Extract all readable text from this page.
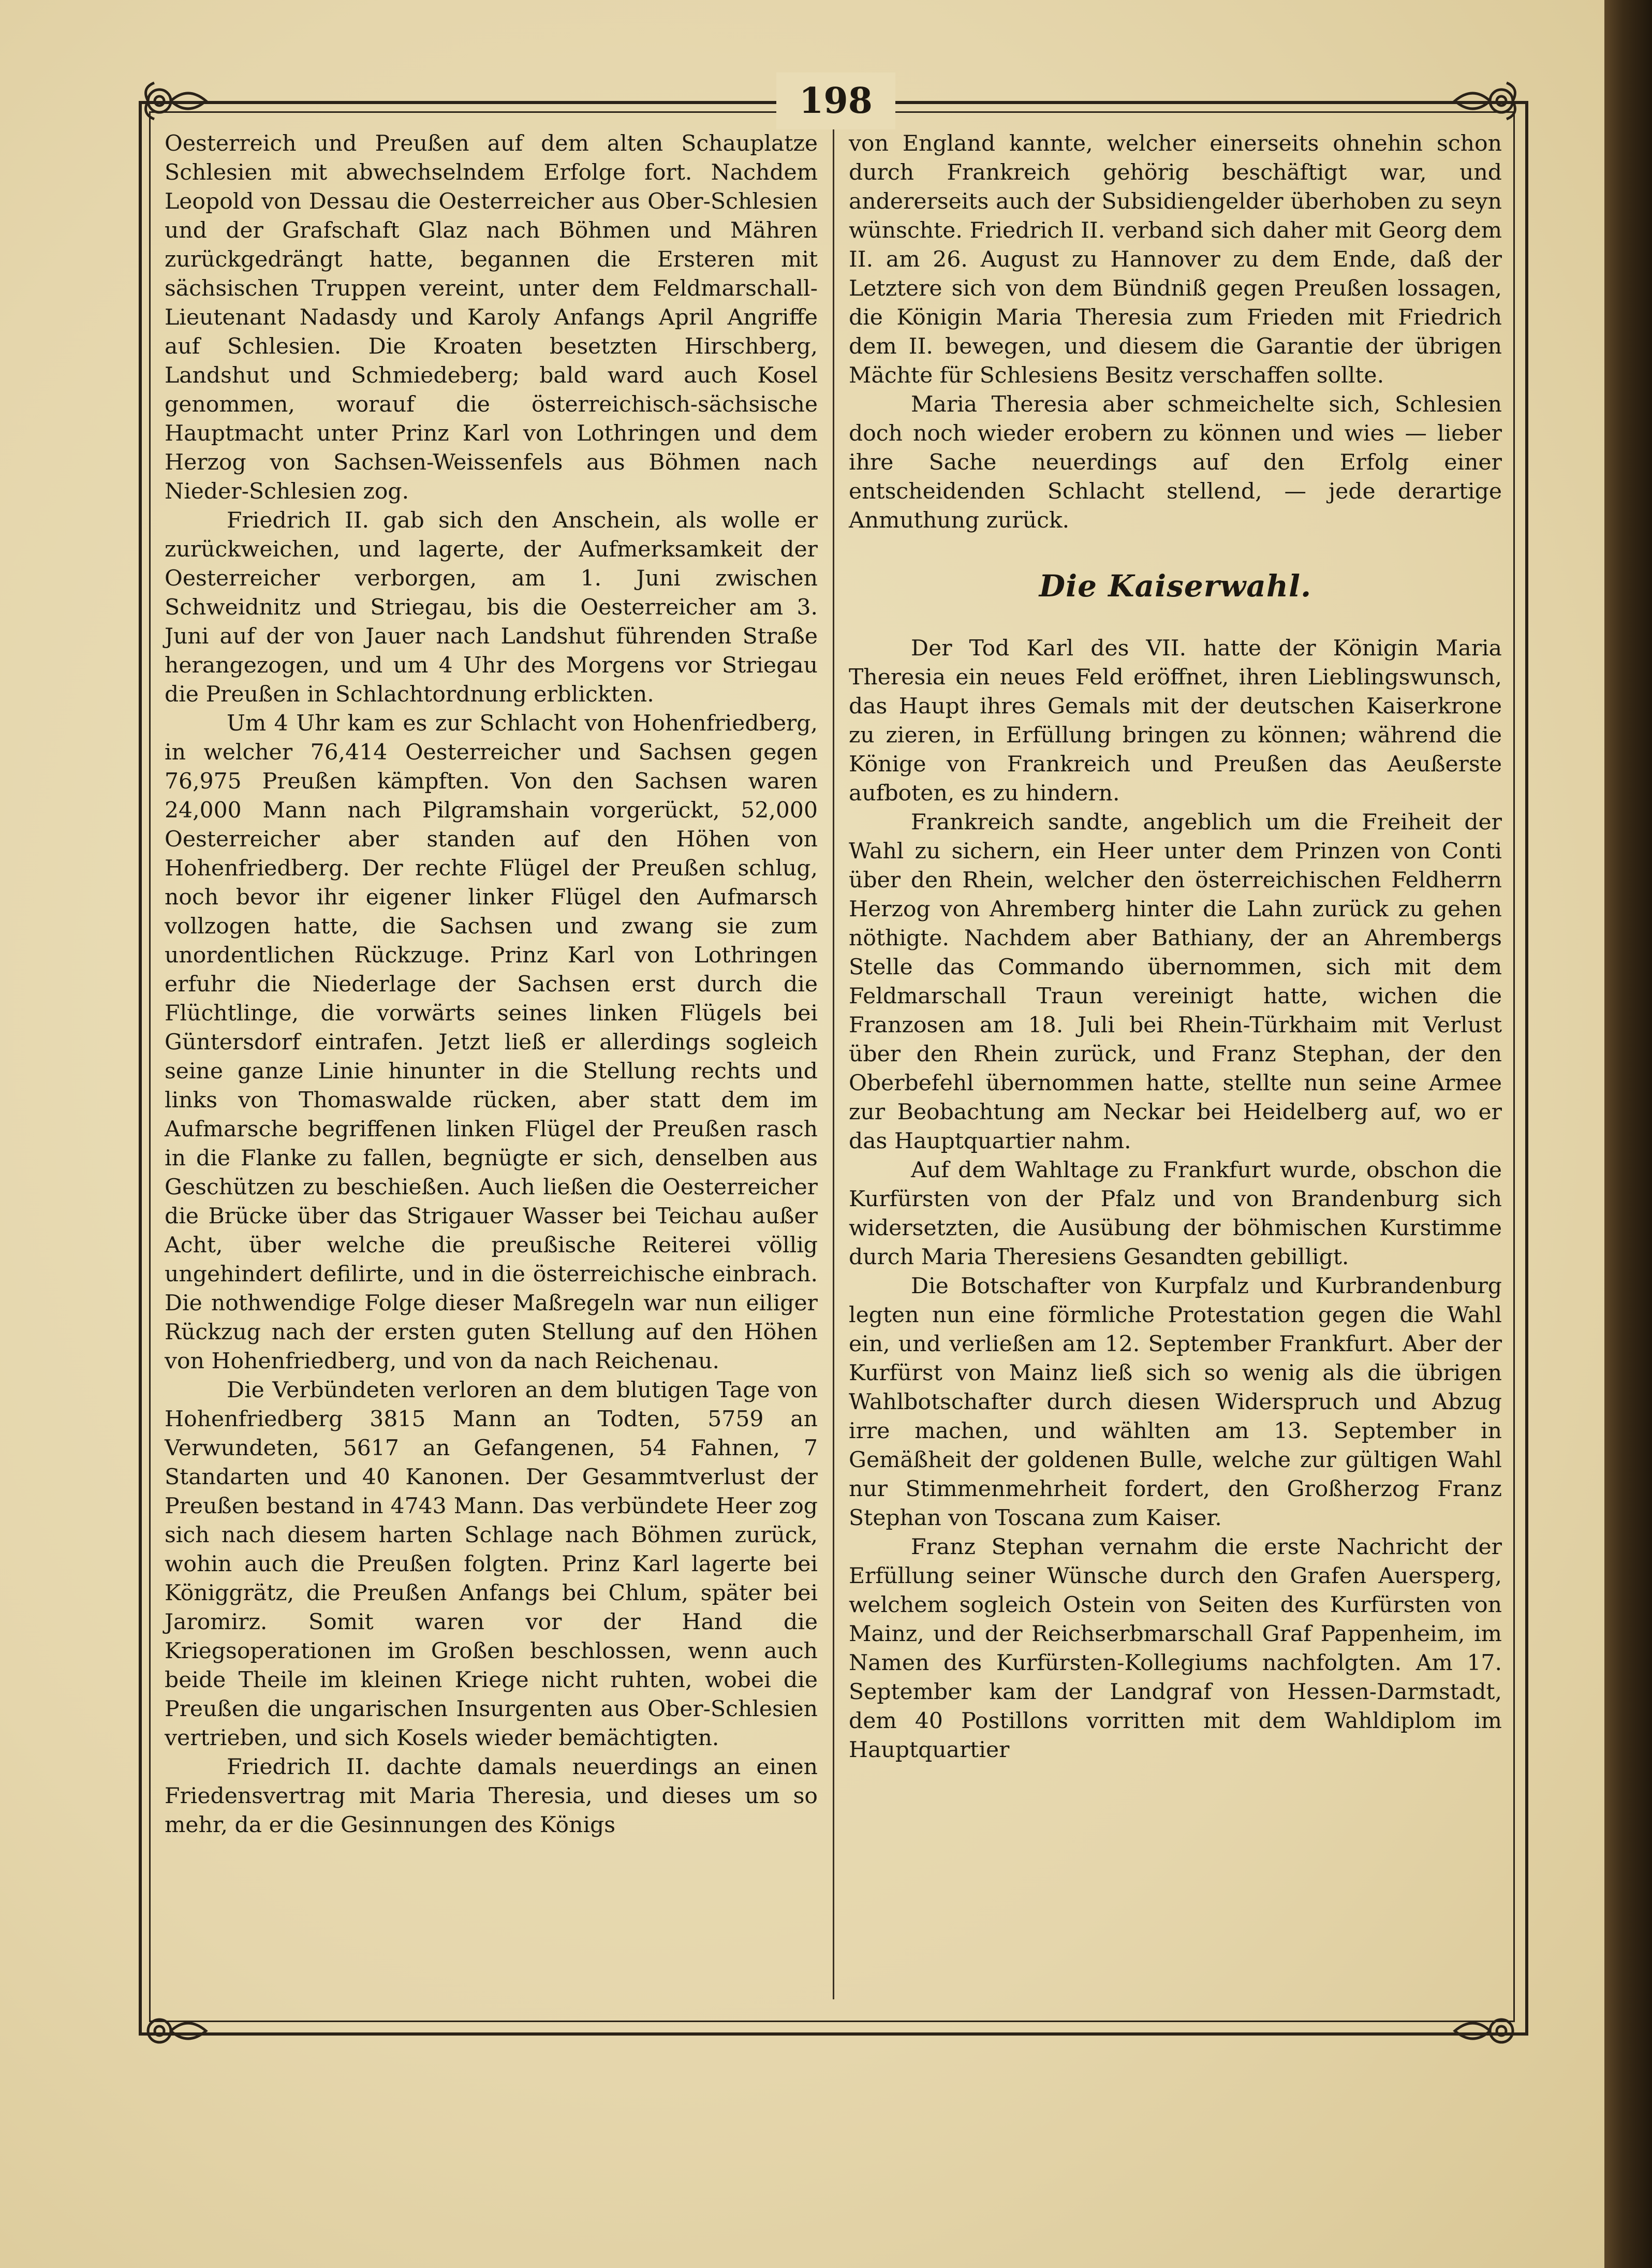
198

Oesterreich und Preußen auf dem alten Schauplatze Schlesien mit abwechselndem Erfolge fort. Nachdem Leopold von Dessau die Oesterreicher aus Ober-Schlesien und der Grafschaft Glaz nach Böhmen und Mähren zurückgedrängt hatte, begannen die Ersteren mit sächsischen Truppen vereint, unter dem Feldmarschall-Lieutenant Nadasdy und Karoly Anfangs April Angriffe auf Schlesien. Die Kroaten besetzten Hirschberg, Landshut und Schmiedeberg; bald ward auch Kosel genommen, worauf die österreichisch-sächsische Hauptmacht unter Prinz Karl von Lothringen und dem Herzog von Sachsen-Weissenfels aus Böhmen nach Nieder-Schlesien zog.

Friedrich II. gab sich den Anschein, als wolle er zurückweichen, und lagerte, der Aufmerksamkeit der Oesterreicher verborgen, am 1. Juni zwischen Schweidnitz und Striegau, bis die Oesterreicher am 3. Juni auf der von Jauer nach Landshut führenden Straße herangezogen, und um 4 Uhr des Morgens vor Striegau die Preußen in Schlachtordnung erblickten.

Um 4 Uhr kam es zur Schlacht von Hohenfriedberg, in welcher 76,414 Oesterreicher und Sachsen gegen 76,975 Preußen kämpften. Von den Sachsen waren 24,000 Mann nach Pilgramshain vorgerückt, 52,000 Oesterreicher aber standen auf den Höhen von Hohenfriedberg. Der rechte Flügel der Preußen schlug, noch bevor ihr eigener linker Flügel den Aufmarsch vollzogen hatte, die Sachsen und zwang sie zum unordentlichen Rückzuge. Prinz Karl von Lothringen erfuhr die Niederlage der Sachsen erst durch die Flüchtlinge, die vorwärts seines linken Flügels bei Güntersdorf eintrafen. Jetzt ließ er allerdings sogleich seine ganze Linie hinunter in die Stellung rechts und links von Thomaswalde rücken, aber statt dem im Aufmarsche begriffenen linken Flügel der Preußen rasch in die Flanke zu fallen, begnügte er sich, denselben aus Geschützen zu beschießen. Auch ließen die Oesterreicher die Brücke über das Strigauer Wasser bei Teichau außer Acht, über welche die preußische Reiterei völlig ungehindert defilirte, und in die österreichische einbrach. Die nothwendige Folge dieser Maßregeln war nun eiliger Rückzug nach der ersten guten Stellung auf den Höhen von Hohenfriedberg, und von da nach Reichenau.

Die Verbündeten verloren an dem blutigen Tage von Hohenfriedberg 3815 Mann an Todten, 5759 an Verwundeten, 5617 an Gefangenen, 54 Fahnen, 7 Standarten und 40 Kanonen. Der Gesammtverlust der Preußen bestand in 4743 Mann. Das verbündete Heer zog sich nach diesem harten Schlage nach Böhmen zurück, wohin auch die Preußen folgten. Prinz Karl lagerte bei Königgrätz, die Preußen Anfangs bei Chlum, später bei Jaromirz. Somit waren vor der Hand die Kriegsoperationen im Großen beschlossen, wenn auch beide Theile im kleinen Kriege nicht ruhten, wobei die Preußen die ungarischen Insurgenten aus Ober-Schlesien vertrieben, und sich Kosels wieder bemächtigten.

Friedrich II. dachte damals neuerdings an einen Friedensvertrag mit Maria Theresia, und dieses um so mehr, da er die Gesinnungen des Königs

von England kannte, welcher einerseits ohnehin schon durch Frankreich gehörig beschäftigt war, und andererseits auch der Subsidiengelder überhoben zu seyn wünschte. Friedrich II. verband sich daher mit Georg dem II. am 26. August zu Hannover zu dem Ende, daß der Letztere sich von dem Bündniß gegen Preußen lossagen, die Königin Maria Theresia zum Frieden mit Friedrich dem II. bewegen, und diesem die Garantie der übrigen Mächte für Schlesiens Besitz verschaffen sollte.

Maria Theresia aber schmeichelte sich, Schlesien doch noch wieder erobern zu können und wies — lieber ihre Sache neuerdings auf den Erfolg einer entscheidenden Schlacht stellend, — jede derartige Anmuthung zurück.

Die Kaiserwahl.

Der Tod Karl des VII. hatte der Königin Maria Theresia ein neues Feld eröffnet, ihren Lieblingswunsch, das Haupt ihres Gemals mit der deutschen Kaiserkrone zu zieren, in Erfüllung bringen zu können; während die Könige von Frankreich und Preußen das Aeußerste aufboten, es zu hindern.

Frankreich sandte, angeblich um die Freiheit der Wahl zu sichern, ein Heer unter dem Prinzen von Conti über den Rhein, welcher den österreichischen Feldherrn Herzog von Ahremberg hinter die Lahn zurück zu gehen nöthigte. Nachdem aber Bathiany, der an Ahrembergs Stelle das Commando übernommen, sich mit dem Feldmarschall Traun vereinigt hatte, wichen die Franzosen am 18. Juli bei Rhein-Türkhaim mit Verlust über den Rhein zurück, und Franz Stephan, der den Oberbefehl übernommen hatte, stellte nun seine Armee zur Beobachtung am Neckar bei Heidelberg auf, wo er das Hauptquartier nahm.

Auf dem Wahltage zu Frankfurt wurde, obschon die Kurfürsten von der Pfalz und von Brandenburg sich widersetzten, die Ausübung der böhmischen Kurstimme durch Maria Theresiens Gesandten gebilligt.

Die Botschafter von Kurpfalz und Kurbrandenburg legten nun eine förmliche Protestation gegen die Wahl ein, und verließen am 12. September Frankfurt. Aber der Kurfürst von Mainz ließ sich so wenig als die übrigen Wahlbotschafter durch diesen Widerspruch und Abzug irre machen, und wählten am 13. September in Gemäßheit der goldenen Bulle, welche zur gültigen Wahl nur Stimmenmehrheit fordert, den Großherzog Franz Stephan von Toscana zum Kaiser.

Franz Stephan vernahm die erste Nachricht der Erfüllung seiner Wünsche durch den Grafen Auersperg, welchem sogleich Ostein von Seiten des Kurfürsten von Mainz, und der Reichserbmarschall Graf Pappenheim, im Namen des Kurfürsten-Kollegiums nachfolgten. Am 17. September kam der Landgraf von Hessen-Darmstadt, dem 40 Postillons vorritten mit dem Wahldiplom im Hauptquartier
